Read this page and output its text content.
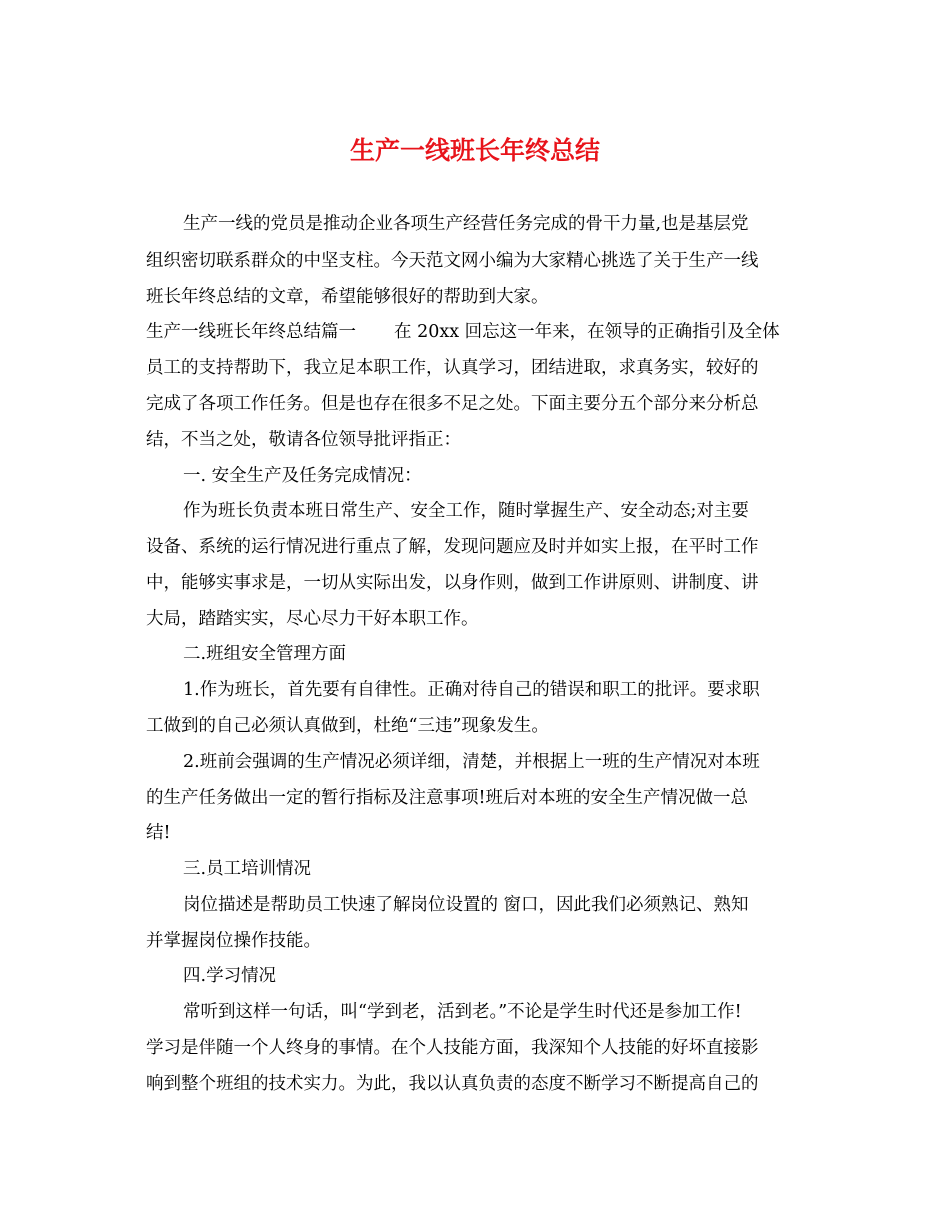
生产一线班长年终总结

生产一线的党员是推动企业各项生产经营任务完成的骨干力量,也是基层党

组织密切联系群众的中坚支柱。今天范文网小编为大家精心挑选了关于生产一线

班长年终总结的文章，希望能够很好的帮助到大家。

生产一线班长年终总结篇一 在 20xx 回忘这一年来，在领导的正确指引及全体

员工的支持帮助下，我立足本职工作，认真学习，团结进取，求真务实，较好的

完成了各项工作任务。但是也存在很多不足之处。下面主要分五个部分来分析总

结，不当之处，敬请各位领导批评指正：

一. 安全生产及任务完成情况：

作为班长负责本班日常生产、安全工作，随时掌握生产、安全动态;对主要

设备、系统的运行情况进行重点了解，发现问题应及时并如实上报，在平时工作

中，能够实事求是，一切从实际出发，以身作则，做到工作讲原则、讲制度、讲

大局，踏踏实实，尽心尽力干好本职工作。

二.班组安全管理方面

1.作为班长，首先要有自律性。正确对待自己的错误和职工的批评。要求职

工做到的自己必须认真做到，杜绝“三违”现象发生。

2.班前会强调的生产情况必须详细，清楚，并根据上一班的生产情况对本班

的生产任务做出一定的暂行指标及注意事项!班后对本班的安全生产情况做一总

结!

三.员工培训情况

岗位描述是帮助员工快速了解岗位设置的 窗口，因此我们必须熟记、熟知

并掌握岗位操作技能。

四.学习情况

常听到这样一句话，叫“学到老，活到老。”不论是学生时代还是参加工作!

学习是伴随一个人终身的事情。在个人技能方面，我深知个人技能的好坏直接影

响到整个班组的技术实力。为此，我以认真负责的态度不断学习不断提高自己的
